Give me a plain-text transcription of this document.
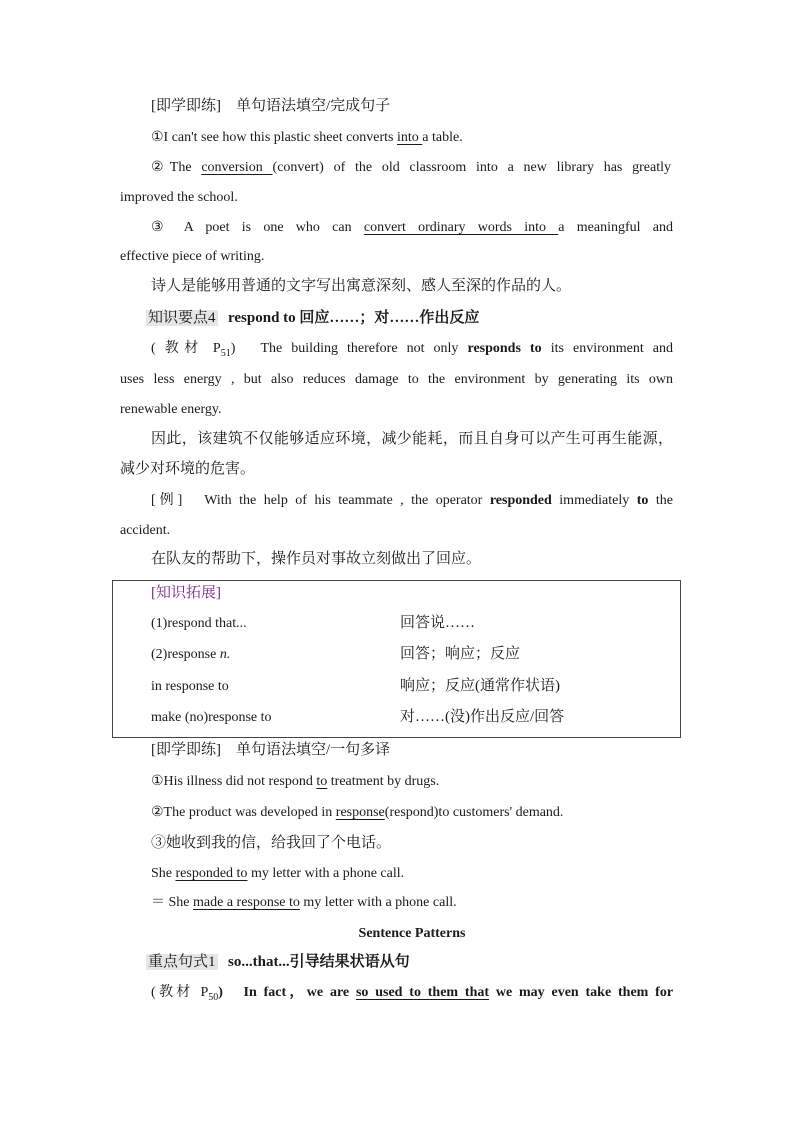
[即学即练]　单句语法填空/完成句子
①I can't see how this plastic sheet converts into a table.
②The conversion (convert) of the old classroom into a new library has greatly
improved the school.
③ A poet is one who can convert ordinary words into a meaningful and
effective piece of writing.
诗人是能够用普通的文字写出寓意深刻、感人至深的作品的人。
知识要点4 respond to 回应……；对……作出反应
( 教材 $P_{51}$)　The building therefore not only responds to its environment and
uses less energy , but also reduces damage to the environment by generating its own
renewable energy.
因此，该建筑不仅能够适应环境，减少能耗，而且自身可以产生可再生能源，
减少对环境的危害。
[例]　With the help of his teammate , the operator responded immediately to the
accident.
在队友的帮助下，操作员对事故立刻做出了回应。
[知识拓展]
(1)respond that...	回答说……
(2)response n.	回答；响应；反应
in response to	响应；反应(通常作状语)
make (no)response to	对……(没)作出反应/回答
[即学即练]　单句语法填空/一句多译
①His illness did not respond to treatment by drugs.
②The product was developed in response(respond)to customers' demand.
③她收到我的信，给我回了个电话。
She responded to my letter with a phone call.
＝ She made a response to my letter with a phone call.
Sentence Patterns
重点句式1 so...that...引导结果状语从句
(教材 $P_{50}$)　In fact，we are so used to them that we may even take them for
